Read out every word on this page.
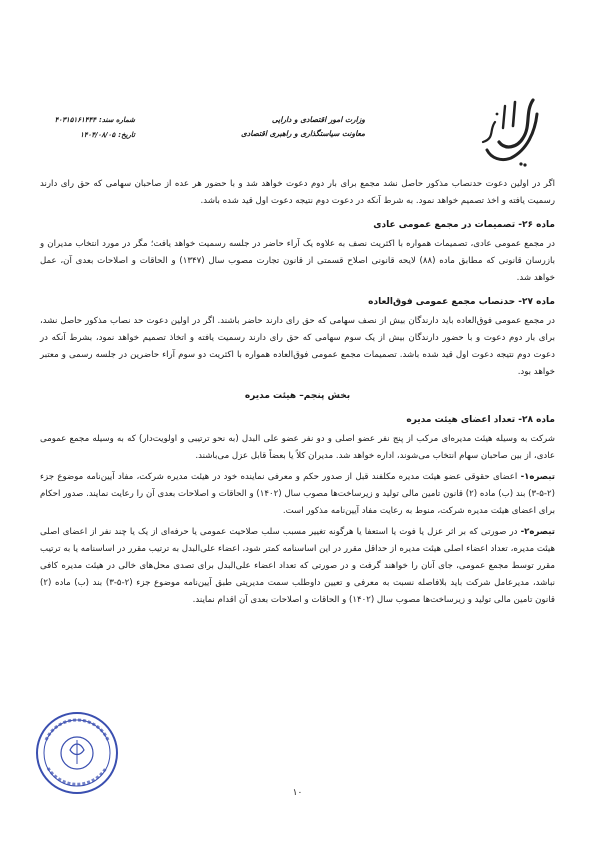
وزارت امور اقتصادی و دارایی
معاونت سیاستگذاری و راهبری اقتصادی
شماره سند:
۴۰۳۱۵۱۶۱۴۴۴
تاریخ:
۱۴۰۴/۰۸/۰۵

اگر در اولین دعوت حدنصاب مذکور حاصل نشد مجمع برای بار دوم دعوت خواهد شد و با حضور هر عده از صاحبان سهامی که حق رای دارند رسمیت یافته و اخذ تصمیم خواهد نمود. به شرط آنکه در دعوت دوم نتیجه دعوت اول قید شده باشد.

ماده ۲۶- تصمیمات در مجمع عمومی عادی

در مجمع عمومی عادی، تصمیمات همواره با اکثریت نصف به علاوه یک آراء حاضر در جلسه رسمیت خواهد یافت؛ مگر در مورد انتخاب مدیران و بازرسان قانونی که مطابق ماده (۸۸) لایحه قانونی اصلاح قسمتی از قانون تجارت مصوب سال (۱۳۴۷) و الحاقات و اصلاحات بعدی آن، عمل خواهد شد.

ماده ۲۷- حدنصاب مجمع عمومی فوق‌العاده

در مجمع عمومی فوق‌العاده باید دارندگان بیش از نصف سهامی که حق رای دارند حاضر باشند. اگر در اولین دعوت حد نصاب مذکور حاصل نشد، برای بار دوم دعوت و با حضور دارندگان بیش از یک سوم سهامی که حق رای دارند رسمیت یافته و اتخاذ تصمیم خواهد نمود، بشرط آنکه در دعوت دوم نتیجه دعوت اول قید شده باشد. تصمیمات مجمع عمومی فوق‌العاده همواره با اکثریت دو سوم آراء حاضرین در جلسه رسمی و معتبر خواهد بود.

بخش پنجم– هیئت مدیره
ماده ۲۸- تعداد اعضای هیئت مدیره

شرکت به وسیله هیئت مدیره‌ای مرکب از پنج نفر عضو اصلی و دو نفر عضو علی البدل (به نحو ترتیبی و اولویت‌دار) که به وسیله مجمع عمومی عادی، از بین صاحبان سهام انتخاب می‌شوند، اداره خواهد شد. مدیران کلاً یا بعضاً قابل عزل می‌باشند.

تبصره۱- اعضای حقوقی عضو هیئت مدیره مکلفند قبل از صدور حکم و معرفی نماینده خود در هیئت مدیره شرکت، مفاد آیین‌نامه موضوع جزء (۲-۵-۳) بند (ب) ماده (۲) قانون تامین مالی تولید و زیرساخت‌ها مصوب سال (۱۴۰۲) و الحاقات و اصلاحات بعدی آن را رعایت نمایند. صدور احکام برای اعضای هیئت مدیره شرکت، منوط به رعایت مفاد آیین‌نامه مذکور است.

تبصره۲- در صورتی که بر اثر عزل یا فوت یا استعفا یا هرگونه تغییر مسبب سلب صلاحیت عمومی یا حرفه‌ای از یک یا چند نفر از اعضای اصلی هیئت مدیره، تعداد اعضاء اصلی هیئت مدیره از حداقل مقرر در این اساسنامه کمتر شود، اعضاء علی‌البدل به ترتیب مقرر در اساسنامه یا به ترتیب مقرر توسط مجمع عمومی، جای آنان را خواهند گرفت و در صورتی که تعداد اعضاء علی‌البدل برای تصدی محل‌های خالی در هیئت مدیره کافی نباشد، مدیرعامل شرکت باید بلافاصله نسبت به معرفی و تعیین داوطلب سمت مدیریتی طبق آیین‌نامه موضوع جزء (۲-۵-۳) بند (ب) ماده (۲) قانون تامین مالی تولید و زیرساخت‌ها مصوب سال (۱۴۰۲) و الحاقات و اصلاحات بعدی آن اقدام نمایند.

۱۰
